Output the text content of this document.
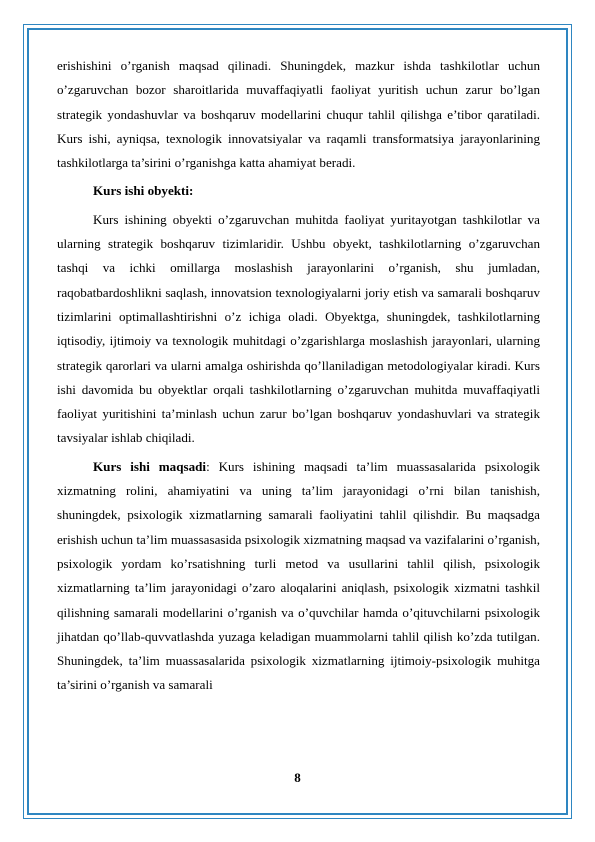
erishishini o’rganish maqsad qilinadi. Shuningdek, mazkur ishda tashkilotlar uchun o’zgaruvchan bozor sharoitlarida muvaffaqiyatli faoliyat yuritish uchun zarur bo’lgan strategik yondashuvlar va boshqaruv modellarini chuqur tahlil qilishga e’tibor qaratiladi. Kurs ishi, ayniqsa, texnologik innovatsiyalar va raqamli transformatsiya jarayonlarining tashkilotlarga ta’sirini o’rganishga katta ahamiyat beradi.

Kurs ishi obyekti:

Kurs ishining obyekti o’zgaruvchan muhitda faoliyat yuritayotgan tashkilotlar va ularning strategik boshqaruv tizimlaridir. Ushbu obyekt, tashkilotlarning o’zgaruvchan tashqi va ichki omillarga moslashish jarayonlarini o’rganish, shu jumladan, raqobatbardoshlikni saqlash, innovatsion texnologiyalarni joriy etish va samarali boshqaruv tizimlarini optimallashtirishni o’z ichiga oladi. Obyektga, shuningdek, tashkilotlarning iqtisodiy, ijtimoiy va texnologik muhitdagi o’zgarishlarga moslashish jarayonlari, ularning strategik qarorlari va ularni amalga oshirishda qo’llaniladigan metodologiyalar kiradi. Kurs ishi davomida bu obyektlar orqali tashkilotlarning o’zgaruvchan muhitda muvaffaqiyatli faoliyat yuritishini ta’minlash uchun zarur bo’lgan boshqaruv yondashuvlari va strategik tavsiyalar ishlab chiqiladi.

Kurs ishi maqsadi: Kurs ishining maqsadi ta’lim muassasalarida psixologik xizmatning rolini, ahamiyatini va uning ta’lim jarayonidagi o’rni bilan tanishish, shuningdek, psixologik xizmatlarning samarali faoliyatini tahlil qilishdir. Bu maqsadga erishish uchun ta’lim muassasasida psixologik xizmatning maqsad va vazifalarini o’rganish, psixologik yordam ko’rsatishning turli metod va usullarini tahlil qilish, psixologik xizmatlarning ta’lim jarayonidagi o’zaro aloqalarini aniqlash, psixologik xizmatni tashkil qilishning samarali modellarini o’rganish va o’quvchilar hamda o’qituvchilarni psixologik jihatdan qo’llab-quvvatlashda yuzaga keladigan muammolarni tahlil qilish ko’zda tutilgan. Shuningdek, ta’lim muassasalarida psixologik xizmatlarning ijtimoiy-psixologik muhitga ta’sirini o’rganish va samarali

8
